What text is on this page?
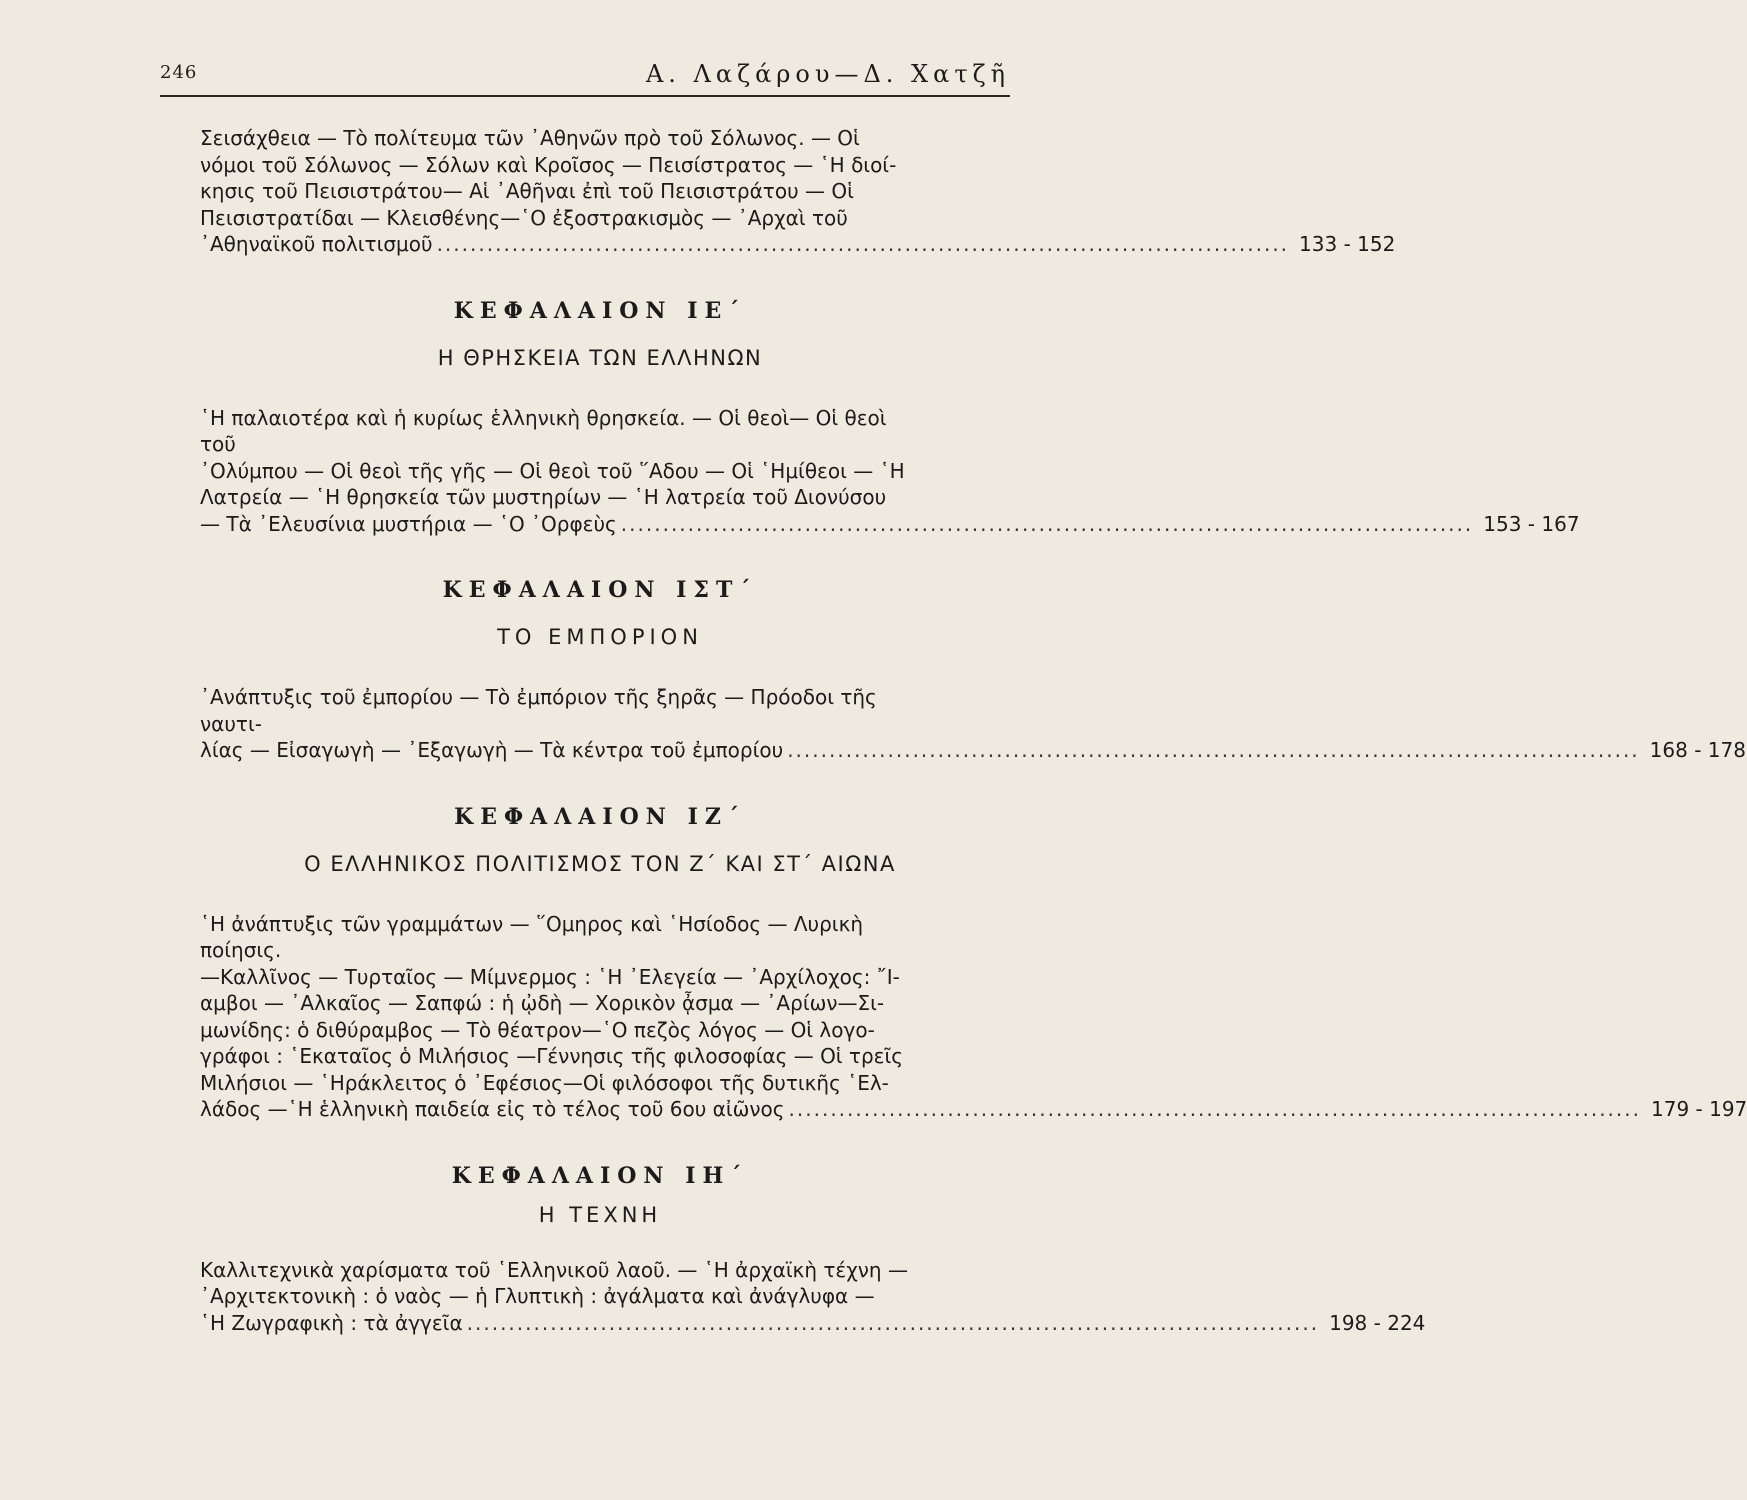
246	Α. Λαζάρου—Δ. Χατζῆ
Σεισάχθεια — Τὸ πολίτευμα τῶν ᾿Αθηνῶν πρὸ τοῦ Σόλωνος. — Οἱ
νόμοι τοῦ Σόλωνος — Σόλων καὶ Κροῖσος — Πεισίστρατος — ῾Η διοί-
κησις τοῦ Πεισιστράτου— Αἱ ᾿Αθῆναι ἐπὶ τοῦ Πεισιστράτου — Οἱ
Πεισιστρατίδαι — Κλεισθένης—῾Ο ἐξοστρακισμὸς — ᾿Αρχαὶ τοῦ
᾿Αθηναϊκοῦ πολιτισμοῦ ...................................................................................................... 133 - 152
ΚΕΦΑΛΑΙΟΝ ΙΕ΄
Η ΘΡΗΣΚΕΙΑ ΤΩΝ ΕΛΛΗΝΩΝ
῾Η παλαιοτέρα καὶ ἡ κυρίως ἑλληνικὴ θρησκεία. — Οἱ θεοὶ— Οἱ θεοὶ τοῦ
᾿Ολύμπου — Οἱ θεοὶ τῆς γῆς — Οἱ θεοὶ τοῦ ῞Αδου — Οἱ ῾Ημίθεοι — ῾Η
Λατρεία — ῾Η θρησκεία τῶν μυστηρίων — ῾Η λατρεία τοῦ Διονύσου
— Τὰ ᾿Ελευσίνια μυστήρια — ῾Ο ᾿Ορφεὺς ...................................................................................................... 153 - 167
ΚΕΦΑΛΑΙΟΝ ΙΣΤ΄
ΤΟ ΕΜΠΟΡΙΟΝ
᾿Ανάπτυξις τοῦ ἐμπορίου — Τὸ ἐμπόριον τῆς ξηρᾶς — Πρόοδοι τῆς ναυτι-
λίας — Εἰσαγωγὴ — ᾿Εξαγωγὴ — Τὰ κέντρα τοῦ ἐμπορίου ...................................................................................................... 168 - 178
ΚΕΦΑΛΑΙΟΝ ΙΖ΄
Ο ΕΛΛΗΝΙΚΟΣ ΠΟΛΙΤΙΣΜΟΣ ΤΟΝ Ζ΄ ΚΑΙ ΣΤ΄ ΑΙΩΝΑ
῾Η ἀνάπτυξις τῶν γραμμάτων — ῞Ομηρος καὶ ῾Ησίοδος — Λυρικὴ ποίησις.
—Καλλῖνος — Τυρταῖος — Μίμνερμος : ῾Η ᾿Ελεγεία — ᾿Αρχίλοχος: ῎Ι-
αμβοι — ᾿Αλκαῖος — Σαπφώ : ἡ ᾠδὴ — Χορικὸν ᾆσμα — ᾿Αρίων—Σι-
μωνίδης: ὁ διθύραμβος — Τὸ θέατρον—῾Ο πεζὸς λόγος — Οἱ λογο-
γράφοι : ῾Εκαταῖος ὁ Μιλήσιος —Γέννησις τῆς φιλοσοφίας — Οἱ τρεῖς
Μιλήσιοι — ῾Ηράκλειτος ὁ ᾿Εφέσιος—Οἱ φιλόσοφοι τῆς δυτικῆς ῾Ελ-
λάδος —῾Η ἑλληνικὴ παιδεία εἰς τὸ τέλος τοῦ 6ου αἰῶνος ...................................................................................................... 179 - 197
ΚΕΦΑΛΑΙΟΝ ΙΗ΄
Η ΤΕΧΝΗ
Καλλιτεχνικὰ χαρίσματα τοῦ ῾Ελληνικοῦ λαοῦ. — ῾Η ἀρχαϊκὴ τέχνη —
᾿Αρχιτεκτονικὴ : ὁ ναὸς — ἡ Γλυπτικὴ : ἀγάλματα καὶ ἀνάγλυφα —
῾Η Ζωγραφικὴ : τὰ ἀγγεῖα ...................................................................................................... 198 - 224
